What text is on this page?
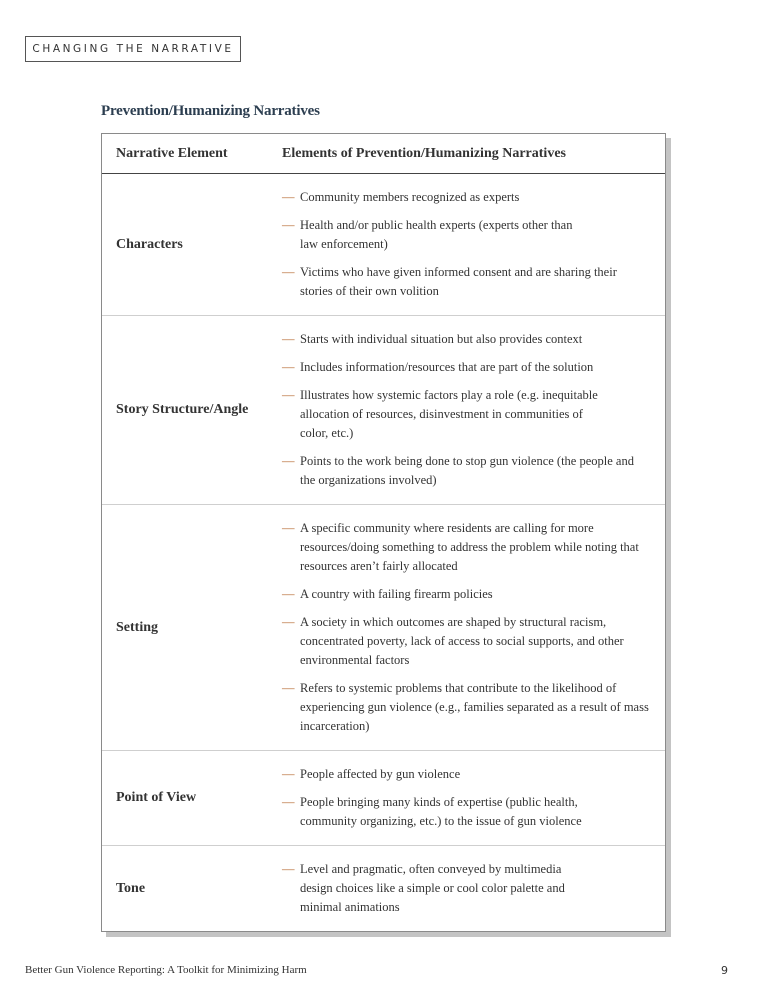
CHANGING THE NARRATIVE
Prevention/Humanizing Narratives
Narrative Element	Elements of Prevention/Humanizing Narratives
Characters
— Community members recognized as experts
— Health and/or public health experts (experts other than law enforcement)
— Victims who have given informed consent and are sharing their stories of their own volition
Story Structure/Angle
— Starts with individual situation but also provides context
— Includes information/resources that are part of the solution
— Illustrates how systemic factors play a role (e.g. inequitable allocation of resources, disinvestment in communities of color, etc.)
— Points to the work being done to stop gun violence (the people and the organizations involved)
Setting
— A specific community where residents are calling for more resources/doing something to address the problem while noting that resources aren’t fairly allocated
— A country with failing firearm policies
— A society in which outcomes are shaped by structural racism, concentrated poverty, lack of access to social supports, and other environmental factors
— Refers to systemic problems that contribute to the likelihood of experiencing gun violence (e.g., families separated as a result of mass incarceration)
Point of View
— People affected by gun violence
— People bringing many kinds of expertise (public health, community organizing, etc.) to the issue of gun violence
Tone
— Level and pragmatic, often conveyed by multimedia design choices like a simple or cool color palette and minimal animations
Better Gun Violence Reporting: A Toolkit for Minimizing Harm	9
